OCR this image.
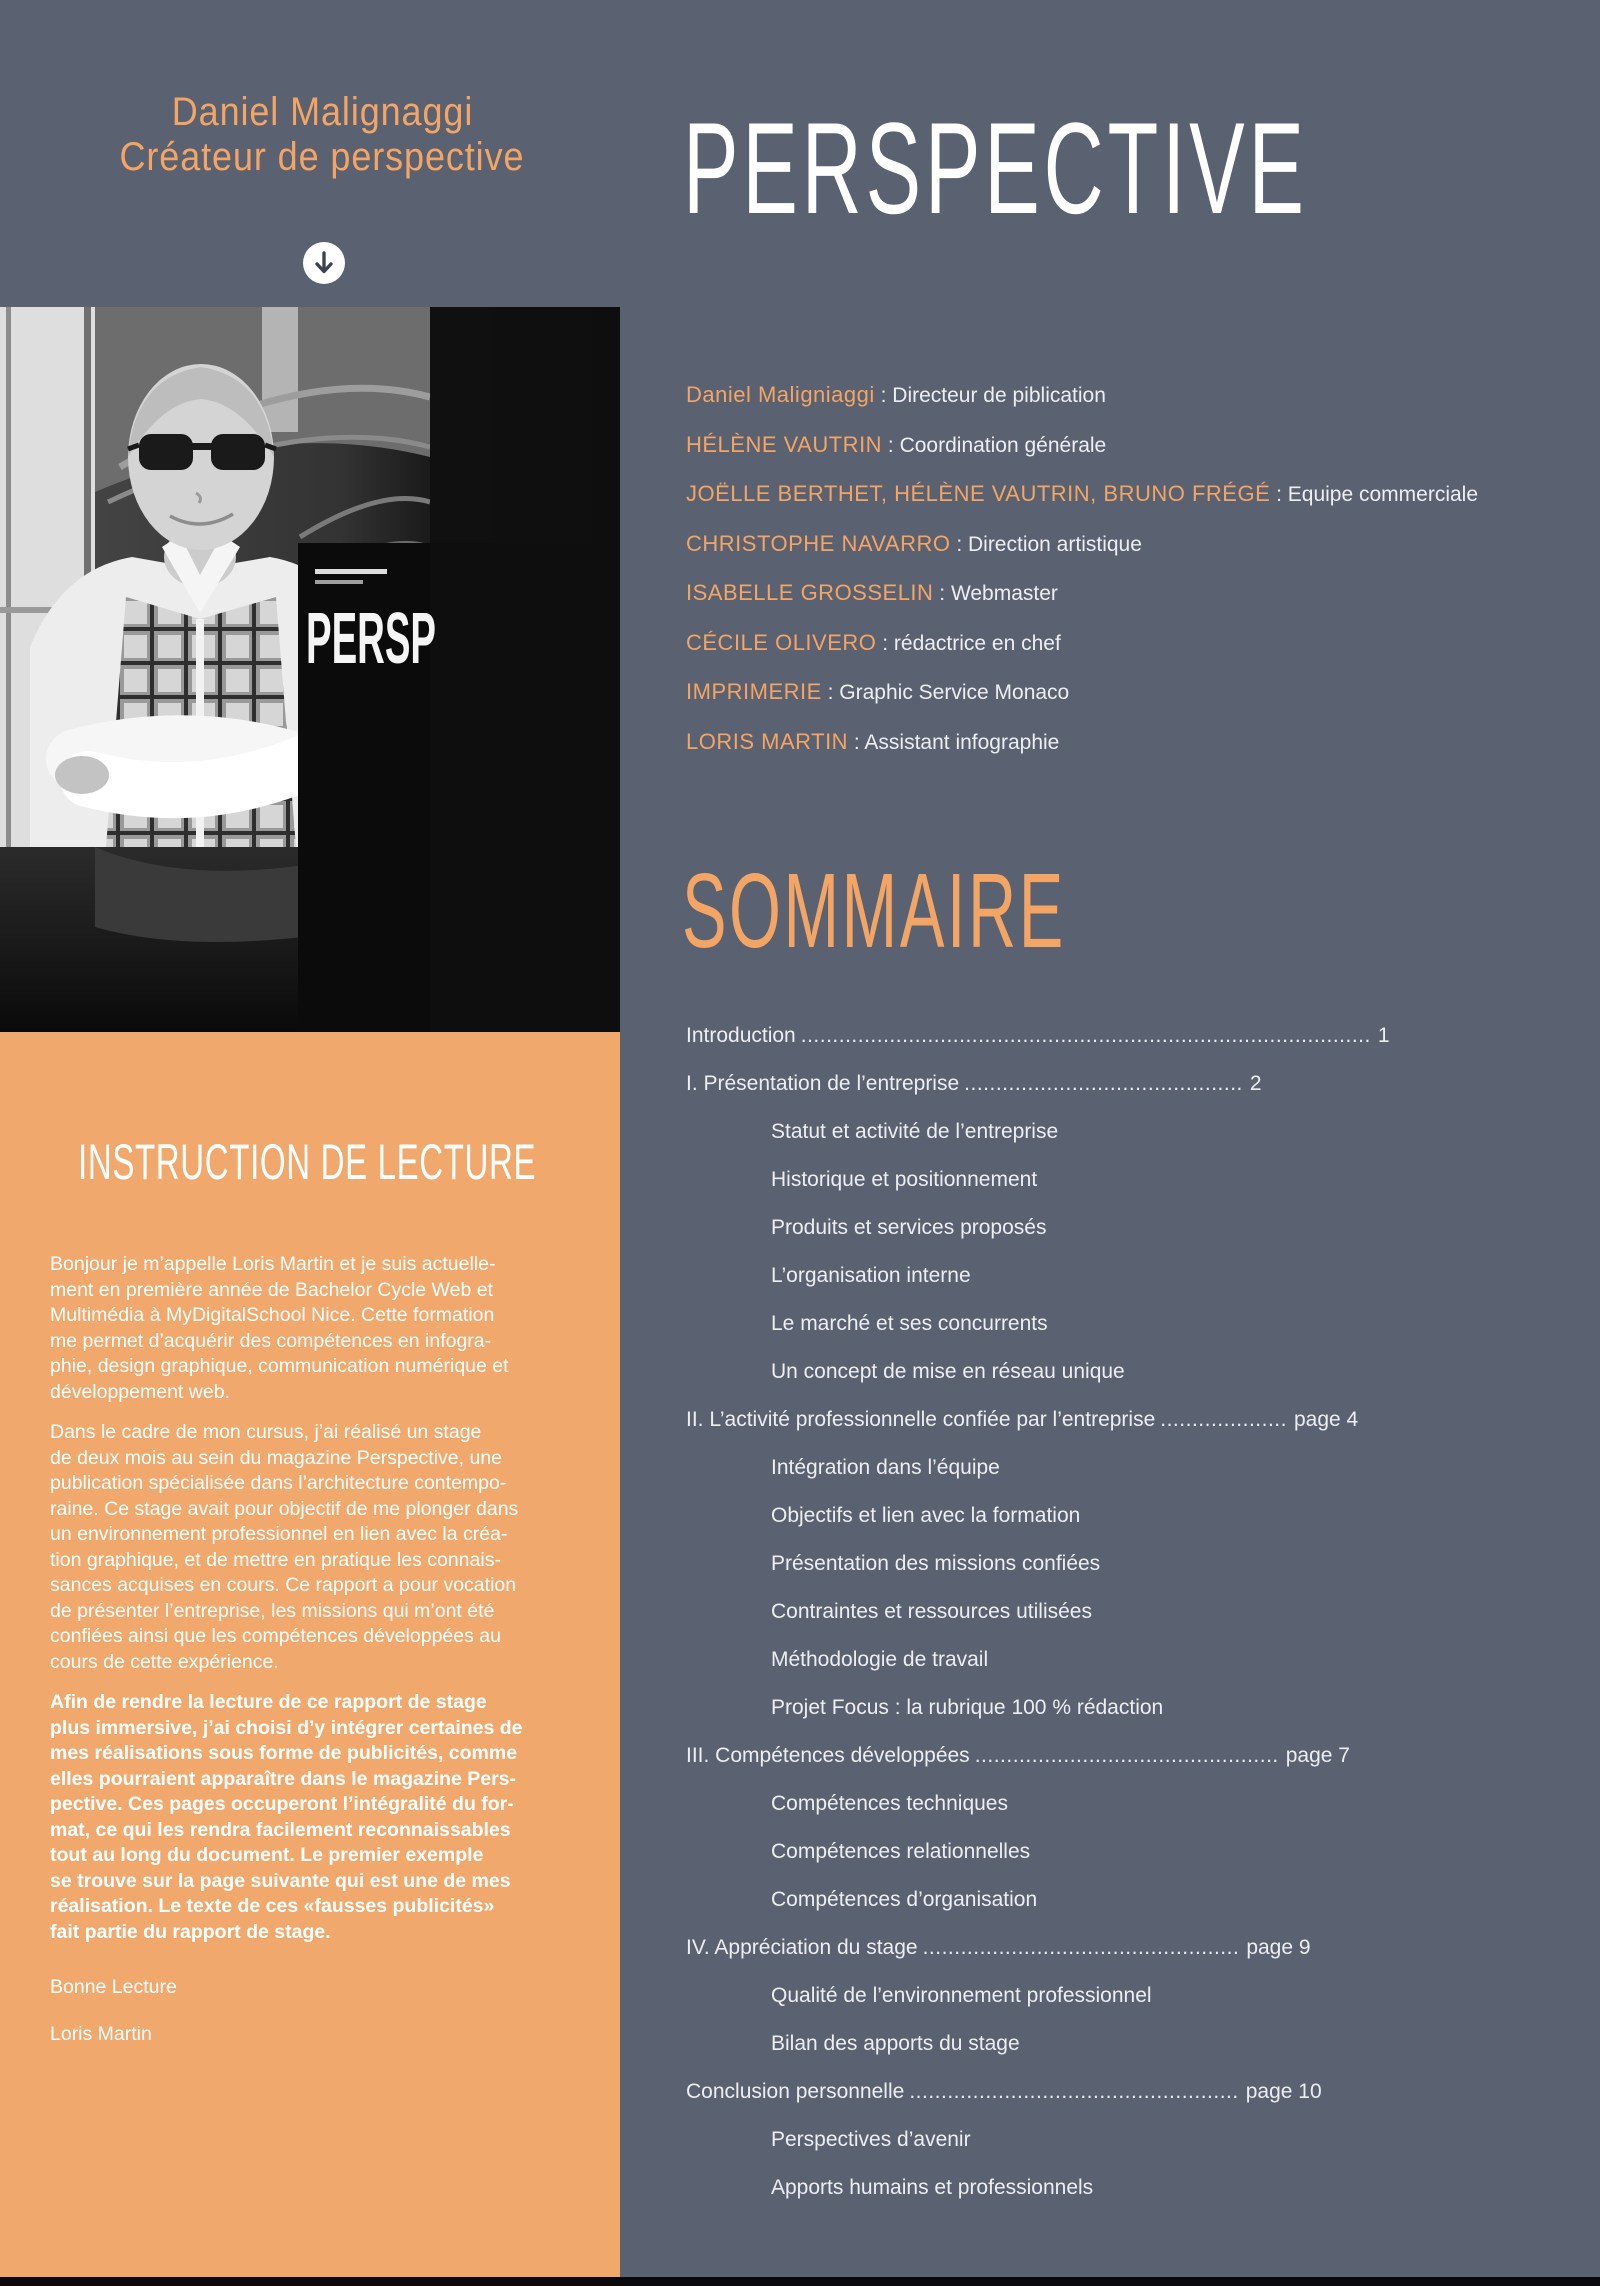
Daniel Malignaggi
Créateur de perspective	PERSPECTIVE
PERSP
Daniel Maligniaggi : Directeur de piblication
HÉLÈNE VAUTRIN : Coordination générale
JOËLLE BERTHET, HÉLÈNE VAUTRIN, BRUNO FRÉGÉ : Equipe commerciale
CHRISTOPHE NAVARRO : Direction artistique
ISABELLE GROSSELIN : Webmaster
CÉCILE OLIVERO : rédactrice en chef
IMPRIMERIE : Graphic Service Monaco
LORIS MARTIN : Assistant infographie
SOMMAIRE
Introduction .......................................................................................... 1
I. Présentation de l’entreprise ............................................ 2
Statut et activité de l’entreprise
Historique et positionnement
Produits et services proposés
L’organisation interne
Le marché et ses concurrents
Un concept de mise en réseau unique
II. L’activité professionnelle confiée par l’entreprise .................... page 4
Intégration dans l’équipe
Objectifs et lien avec la formation
Présentation des missions confiées
Contraintes et ressources utilisées
Méthodologie de travail
Projet Focus : la rubrique 100 % rédaction
III. Compétences développées ................................................ page 7
Compétences techniques
Compétences relationnelles
Compétences d’organisation
IV. Appréciation du stage .................................................. page 9
Qualité de l’environnement professionnel
Bilan des apports du stage
Conclusion personnelle .................................................... page 10
Perspectives d’avenir
Apports humains et professionnels
INSTRUCTION DE LECTURE
Bonjour je m’appelle Loris Martin et je suis actuelle-
ment en première année de Bachelor Cycle Web et
Multimédia à MyDigitalSchool Nice. Cette formation
me permet d’acquérir des compétences en infogra-
phie, design graphique, communication numérique et
développement web.
Dans le cadre de mon cursus, j’ai réalisé un stage
de deux mois au sein du magazine Perspective, une
publication spécialisée dans l’architecture contempo-
raine. Ce stage avait pour objectif de me plonger dans
un environnement professionnel en lien avec la créa-
tion graphique, et de mettre en pratique les connais-
sances acquises en cours. Ce rapport a pour vocation
de présenter l’entreprise, les missions qui m’ont été
confiées ainsi que les compétences développées au
cours de cette expérience.
Afin de rendre la lecture de ce rapport de stage
plus immersive, j’ai choisi d’y intégrer certaines de
mes réalisations sous forme de publicités, comme
elles pourraient apparaître dans le magazine Pers-
pective. Ces pages occuperont l’intégralité du for-
mat, ce qui les rendra facilement reconnaissables
tout au long du document. Le premier exemple
se trouve sur la page suivante qui est une de mes
réalisation. Le texte de ces «fausses publicités»
fait partie du rapport de stage.
Bonne Lecture
Loris Martin
